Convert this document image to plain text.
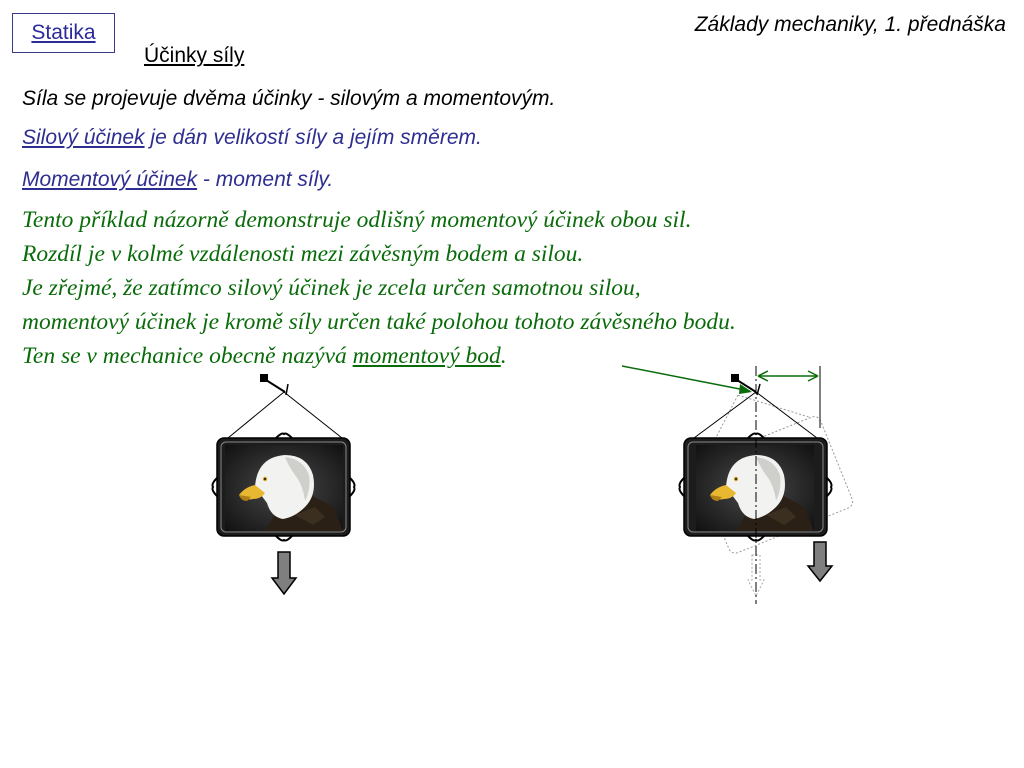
Statika	Základy mechaniky, 1. přednáška
Účinky síly
Síla se projevuje dvěma účinky - silovým a momentovým.
Silový účinek je dán velikostí síly a jejím směrem.
Momentový účinek - moment síly.
Tento příklad názorně demonstruje odlišný momentový účinek obou sil.
Rozdíl je v kolmé vzdálenosti mezi závěsným bodem a silou.
Je zřejmé, že zatímco silový účinek je zcela určen samotnou silou,
momentový účinek je kromě síly určen také polohou tohoto závěsného bodu.
Ten se v mechanice obecně nazývá momentový bod.
